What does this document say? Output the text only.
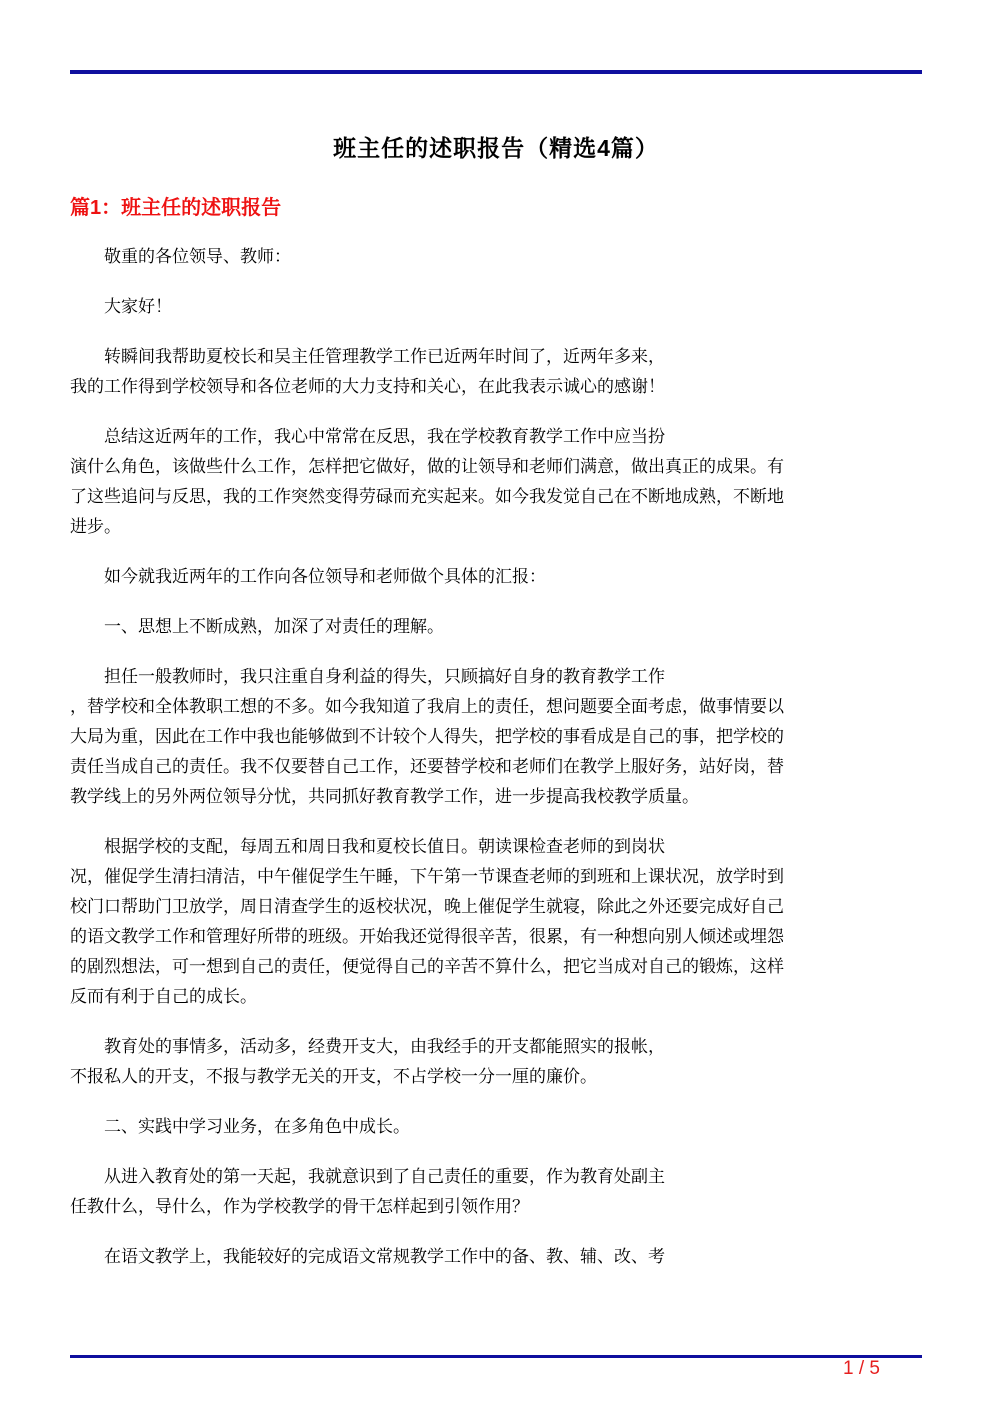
班主任的述职报告（精选4篇）
篇1：班主任的述职报告
敬重的各位领导、教师：
大家好！
转瞬间我帮助夏校长和吴主任管理教学工作已近两年时间了，近两年多来，
我的工作得到学校领导和各位老师的大力支持和关心，在此我表示诚心的感谢！
总结这近两年的工作，我心中常常在反思，我在学校教育教学工作中应当扮
演什么角色，该做些什么工作，怎样把它做好，做的让领导和老师们满意，做出真正的成果。有
了这些追问与反思，我的工作突然变得劳碌而充实起来。如今我发觉自己在不断地成熟，不断地
进步。
如今就我近两年的工作向各位领导和老师做个具体的汇报：
一、思想上不断成熟，加深了对责任的理解。
担任一般教师时，我只注重自身利益的得失，只顾搞好自身的教育教学工作
，替学校和全体教职工想的不多。如今我知道了我肩上的责任，想问题要全面考虑，做事情要以
大局为重，因此在工作中我也能够做到不计较个人得失，把学校的事看成是自己的事，把学校的
责任当成自己的责任。我不仅要替自己工作，还要替学校和老师们在教学上服好务，站好岗，替
教学线上的另外两位领导分忧，共同抓好教育教学工作，进一步提高我校教学质量。
根据学校的支配，每周五和周日我和夏校长值日。朝读课检查老师的到岗状
况，催促学生清扫清洁，中午催促学生午睡，下午第一节课查老师的到班和上课状况，放学时到
校门口帮助门卫放学，周日清查学生的返校状况，晚上催促学生就寝，除此之外还要完成好自己
的语文教学工作和管理好所带的班级。开始我还觉得很辛苦，很累，有一种想向别人倾述或埋怨
的剧烈想法，可一想到自己的责任，便觉得自己的辛苦不算什么，把它当成对自己的锻炼，这样
反而有利于自己的成长。
教育处的事情多，活动多，经费开支大，由我经手的开支都能照实的报帐，
不报私人的开支，不报与教学无关的开支，不占学校一分一厘的廉价。
二、实践中学习业务，在多角色中成长。
从进入教育处的第一天起，我就意识到了自己责任的重要，作为教育处副主
任教什么，导什么，作为学校教学的骨干怎样起到引领作用？
在语文教学上，我能较好的完成语文常规教学工作中的备、教、辅、改、考
1 / 5
